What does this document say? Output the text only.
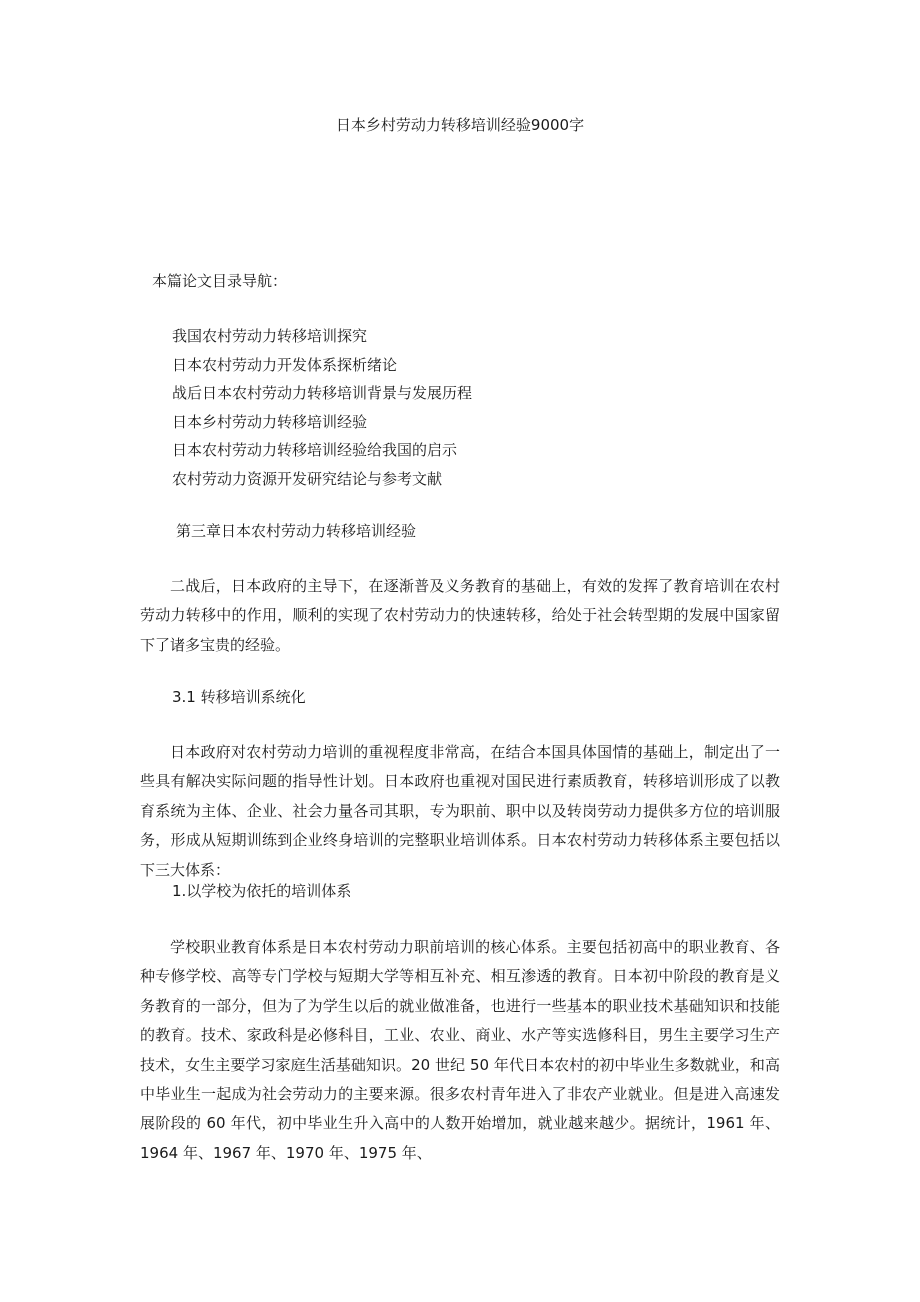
日本乡村劳动力转移培训经验9000字
本篇论文目录导航：
我国农村劳动力转移培训探究
日本农村劳动力开发体系探析绪论
战后日本农村劳动力转移培训背景与发展历程
日本乡村劳动力转移培训经验
日本农村劳动力转移培训经验给我国的启示
农村劳动力资源开发研究结论与参考文献
第三章日本农村劳动力转移培训经验

二战后，日本政府的主导下，在逐渐普及义务教育的基础上，有效的发挥了教育培训在农村劳动力转移中的作用，顺利的实现了农村劳动力的快速转移，给处于社会转型期的发展中国家留下了诸多宝贵的经验。

3.1 转移培训系统化

日本政府对农村劳动力培训的重视程度非常高，在结合本国具体国情的基础上，制定出了一些具有解决实际问题的指导性计划。日本政府也重视对国民进行素质教育，转移培训形成了以教育系统为主体、企业、社会力量各司其职，专为职前、职中以及转岗劳动力提供多方位的培训服务，形成从短期训练到企业终身培训的完整职业培训体系。日本农村劳动力转移体系主要包括以下三大体系：

1.以学校为依托的培训体系

学校职业教育体系是日本农村劳动力职前培训的核心体系。主要包括初高中的职业教育、各种专修学校、高等专门学校与短期大学等相互补充、相互渗透的教育。日本初中阶段的教育是义务教育的一部分，但为了为学生以后的就业做准备，也进行一些基本的职业技术基础知识和技能的教育。技术、家政科是必修科目，工业、农业、商业、水产等实选修科目，男生主要学习生产技术，女生主要学习家庭生活基础知识。20 世纪 50 年代日本农村的初中毕业生多数就业，和高中毕业生一起成为社会劳动力的主要来源。很多农村青年进入了非农产业就业。但是进入高速发展阶段的 60 年代，初中毕业生升入高中的人数开始增加，就业越来越少。据统计，1961 年、1964 年、1967 年、1970 年、1975 年、
